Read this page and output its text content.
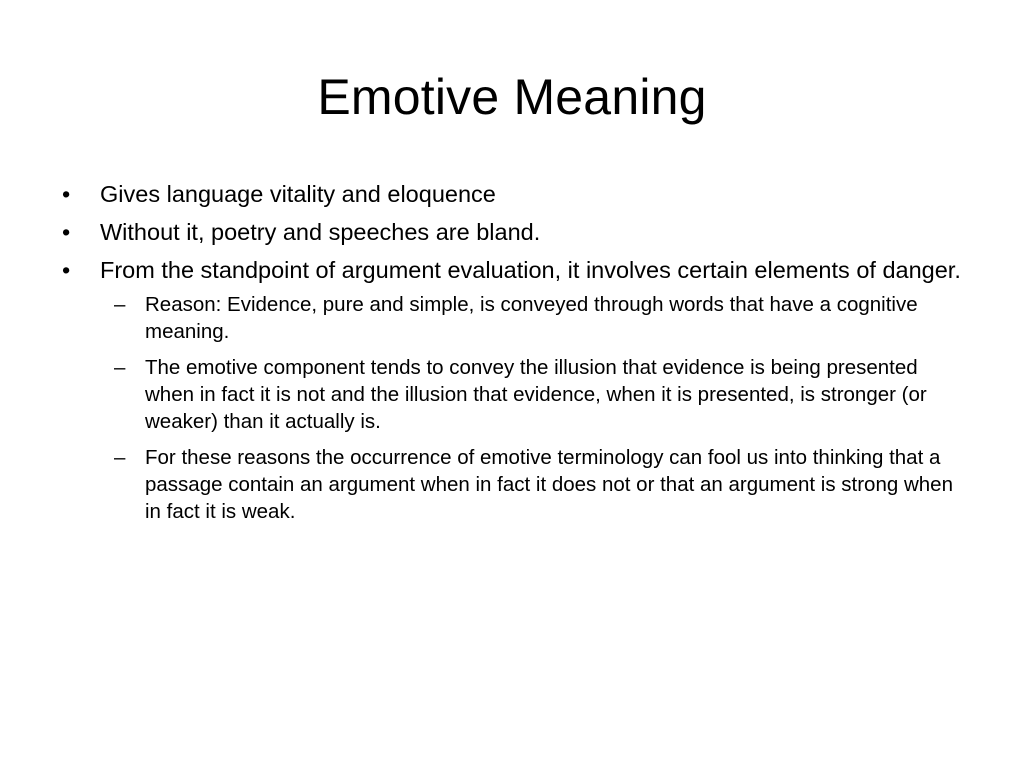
Emotive Meaning
•	Gives language vitality and eloquence
•	Without it, poetry and speeches are bland.
•	From the standpoint of argument evaluation, it involves certain elements of danger.
– Reason: Evidence, pure and simple, is conveyed through words that have a cognitive meaning.
– The emotive component tends to convey the illusion that evidence is being presented when in fact it is not and the illusion that evidence, when it is presented, is stronger (or weaker) than it actually is.
– For these reasons the occurrence of emotive terminology can fool us into thinking that a passage contain an argument when in fact it does not or that an argument is strong when in fact it is weak.
